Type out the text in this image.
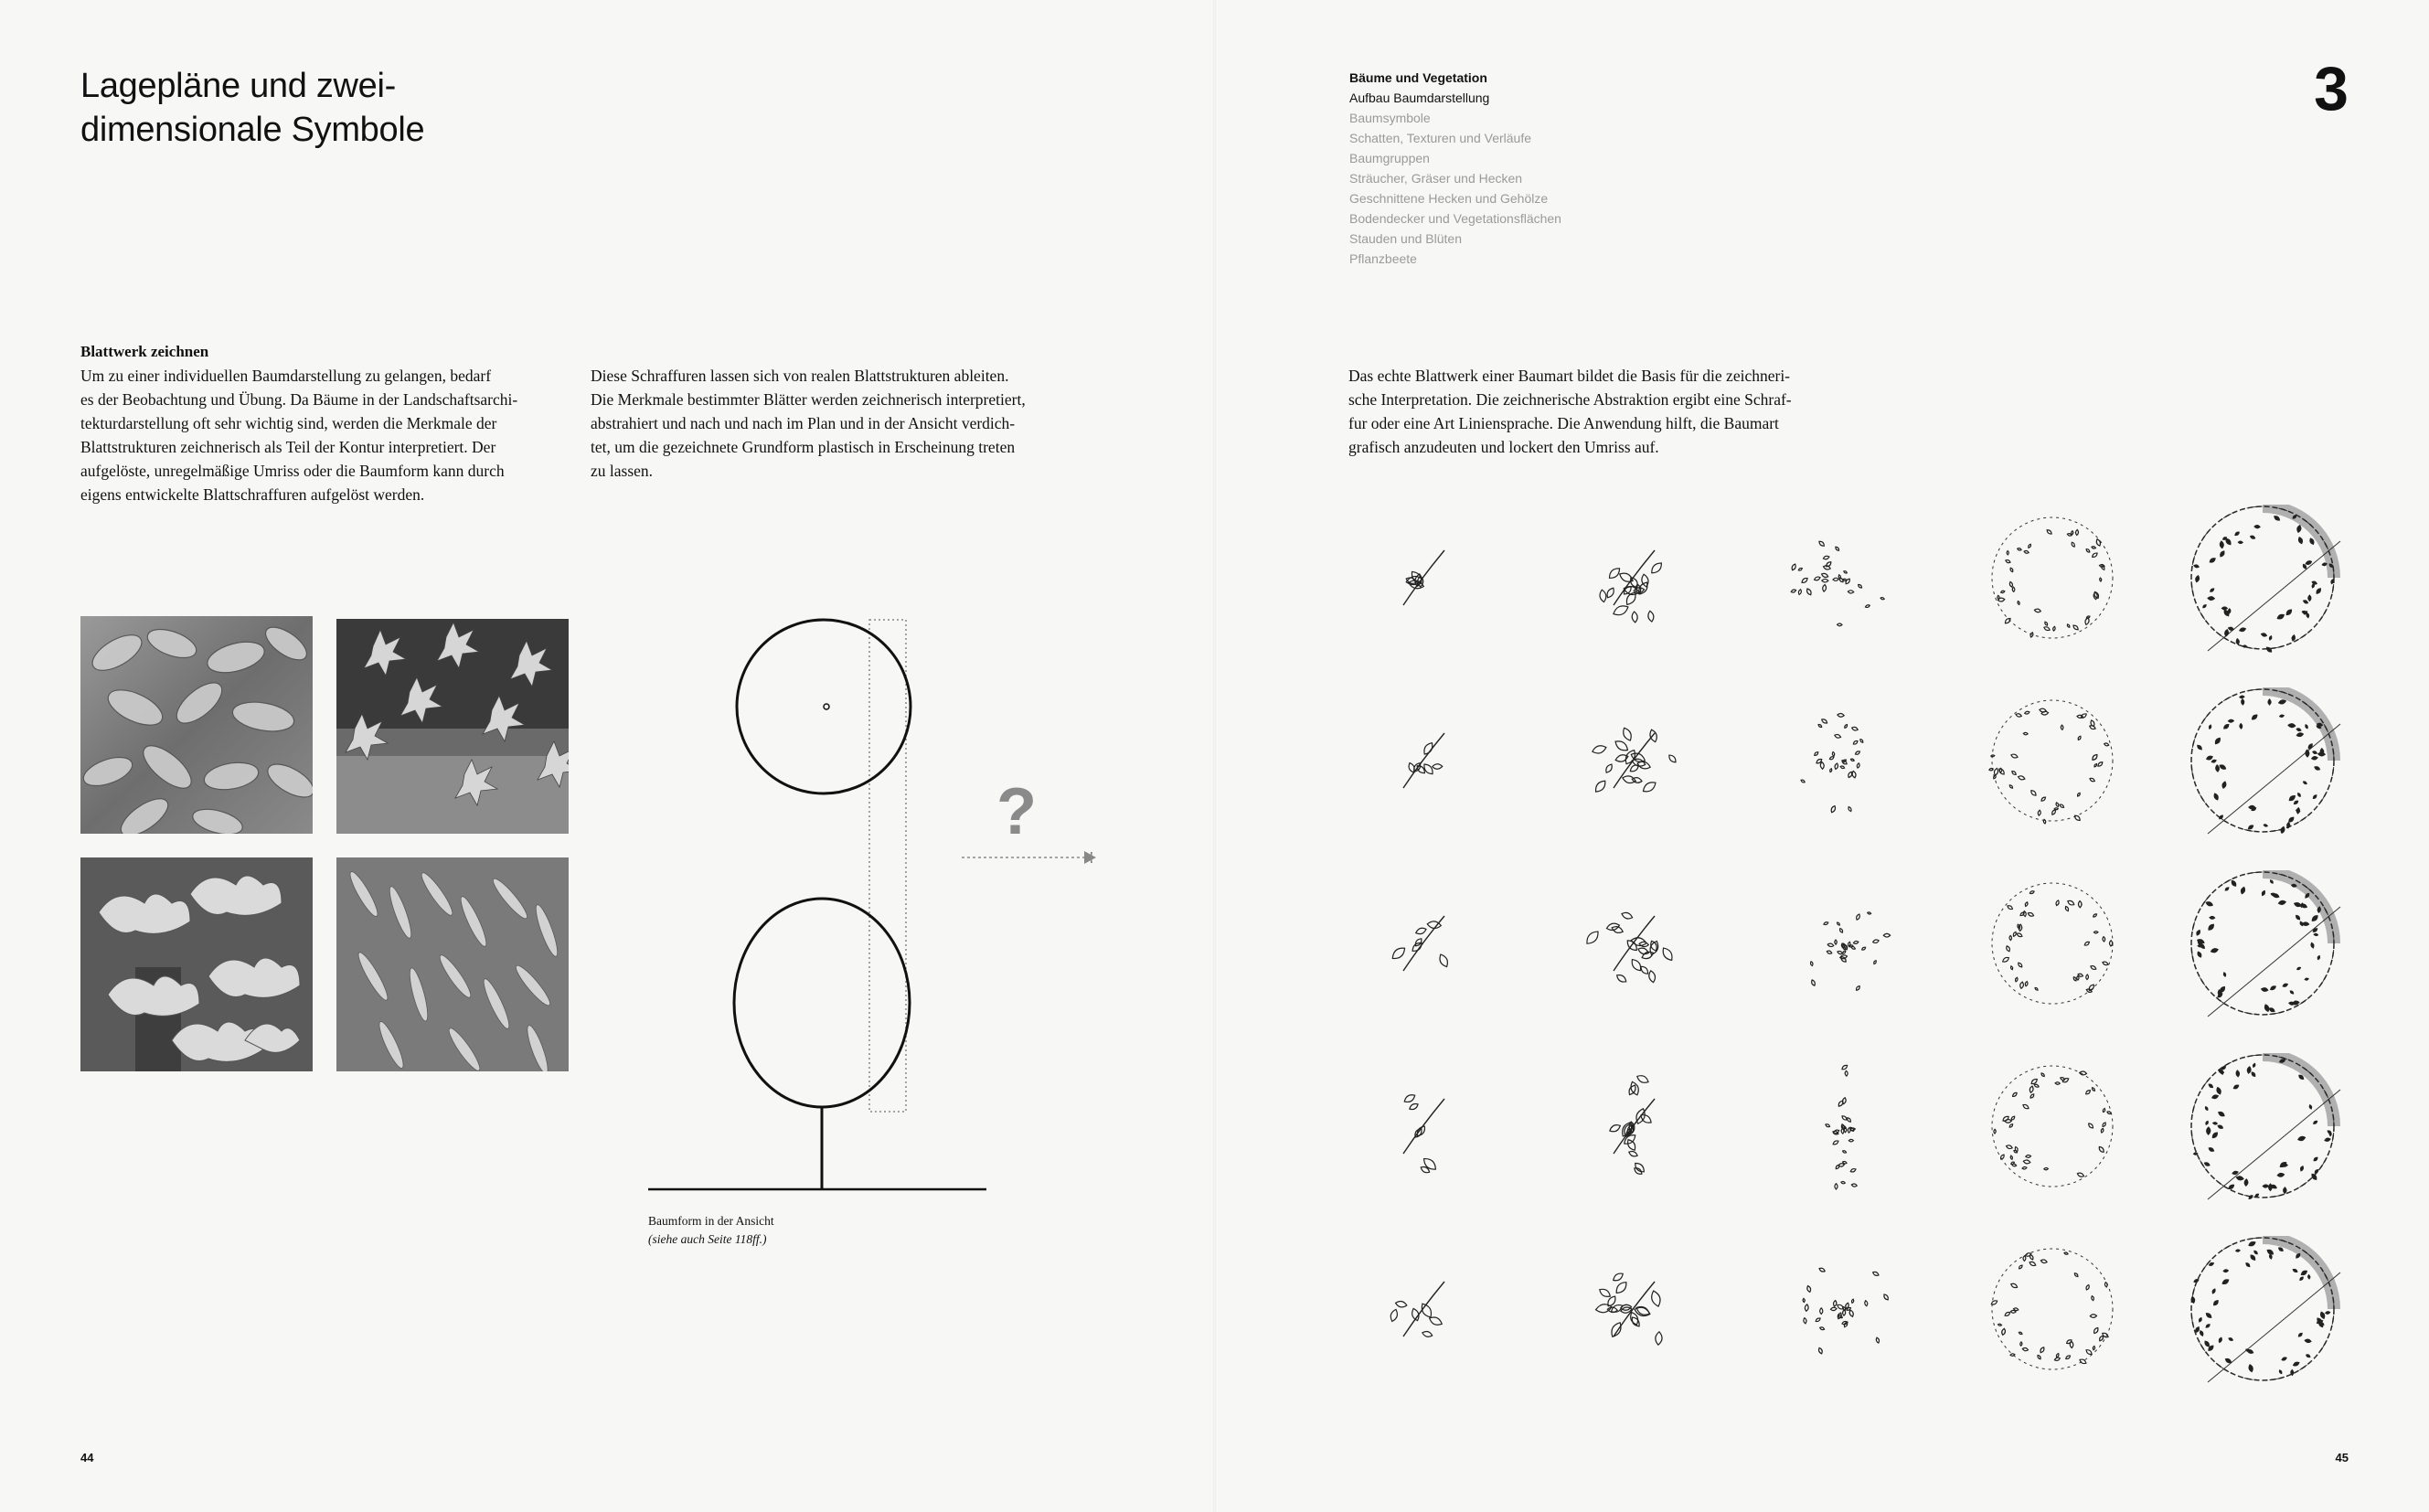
Lagepläne und zwei-
dimensionale Symbole
Blattwerk zeichnen
Um zu einer individuellen Baumdarstellung zu gelangen, bedarf
es der Beobachtung und Übung. Da Bäume in der Landschaftsarchi-
tekturdarstellung oft sehr wichtig sind, werden die Merkmale der
Blattstrukturen zeichnerisch als Teil der Kontur interpretiert. Der
aufgelöste, unregelmäßige Umriss oder die Baumform kann durch
eigens entwickelte Blattschraffuren aufgelöst werden.
Diese Schraffuren lassen sich von realen Blattstrukturen ableiten.
Die Merkmale bestimmter Blätter werden zeichnerisch interpretiert,
abstrahiert und nach und nach im Plan und in der Ansicht verdich-
tet, um die gezeichnete Grundform plastisch in Erscheinung treten
zu lassen.
?
Baumform in der Ansicht
(siehe auch Seite 118ff.)
44
Bäume und Vegetation
Aufbau Baumdarstellung
Baumsymbole
Schatten, Texturen und Verläufe
Baumgruppen
Sträucher, Gräser und Hecken
Geschnittene Hecken und Gehölze
Bodendecker und Vegetationsflächen
Stauden und Blüten
Pflanzbeete
3
Das echte Blattwerk einer Baumart bildet die Basis für die zeichneri-
sche Interpretation. Die zeichnerische Abstraktion ergibt eine Schraf-
fur oder eine Art Liniensprache. Die Anwendung hilft, die Baumart
grafisch anzudeuten und lockert den Umriss auf.
45
